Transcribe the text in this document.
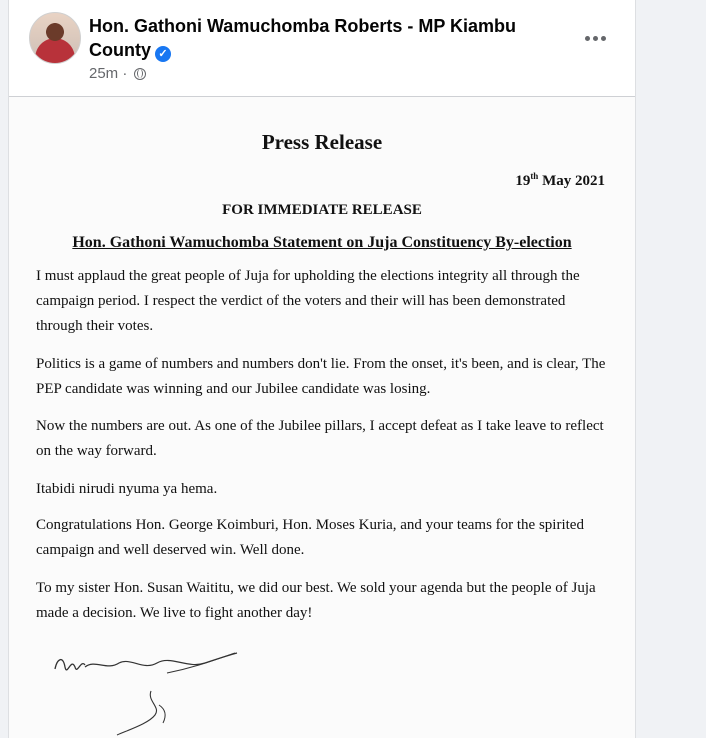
Hon. Gathoni Wamuchomba Roberts - MP Kiambu County ✓
25m ·
Press Release
19th May 2021
FOR IMMEDIATE RELEASE
Hon. Gathoni Wamuchomba Statement on Juja Constituency By-election
I must applaud the great people of Juja for upholding the elections integrity all through the campaign period. I respect the verdict of the voters and their will has been demonstrated through their votes.
Politics is a game of numbers and numbers don't lie. From the onset, it's been, and is clear, The PEP candidate was winning and our Jubilee candidate was losing.
Now the numbers are out. As one of the Jubilee pillars, I accept defeat as I take leave to reflect on the way forward.
Itabidi nirudi nyuma ya hema.
Congratulations Hon. George Koimburi, Hon. Moses Kuria, and your teams for the spirited campaign and well deserved win. Well done.
To my sister Hon. Susan Waititu, we did our best. We sold your agenda but the people of Juja made a decision. We live to fight another day!
